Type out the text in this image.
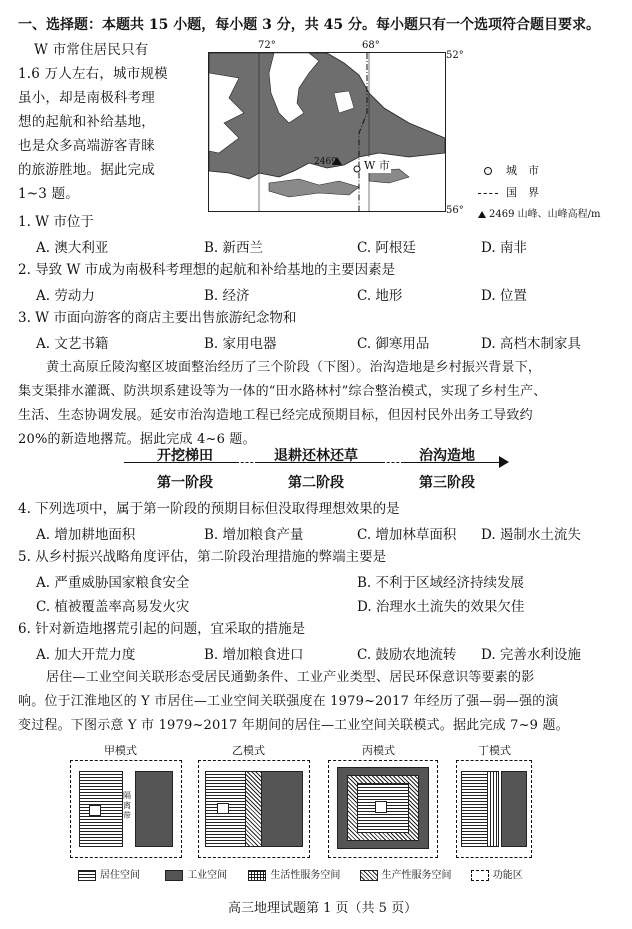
一、选择题：本题共 15 小题，每小题 3 分，共 45 分。每小题只有一个选项符合题目要求。
W 市常住居民只有
1.6 万人左右，城市规模
虽小，却是南极科考理
想的起航和补给基地，
也是众多高端游客青睐
的旅游胜地。据此完成
1~3 题。
72°	68°
52°
56°
2469 W 市	城　市
国　界
2469 山峰、山峰高程/m
1. W 市位于
A. 澳大利亚	B. 新西兰	C. 阿根廷	D. 南非
2. 导致 W 市成为南极科考理想的起航和补给基地的主要因素是
A. 劳动力	B. 经济	C. 地形	D. 位置
3. W 市面向游客的商店主要出售旅游纪念物和
A. 文艺书籍	B. 家用电器	C. 御寒用品	D. 高档木制家具
黄土高原丘陵沟壑区坡面整治经历了三个阶段（下图）。治沟造地是乡村振兴背景下，
集支渠排水灌溉、防洪坝系建设等为一体的“田水路林村”综合整治模式，实现了乡村生产、
生活、生态协调发展。延安市治沟造地工程已经完成预期目标，但因村民外出务工导致约
20%的新造地撂荒。据此完成 4~6 题。
开挖梯田
第一阶段
退耕还林还草
第二阶段
治沟造地
第三阶段
4. 下列选项中，属于第一阶段的预期目标但没取得理想效果的是
A. 增加耕地面积	B. 增加粮食产量	C. 增加林草面积 D. 遏制水土流失
5. 从乡村振兴战略角度评估，第二阶段治理措施的弊端主要是
A. 严重威胁国家粮食安全	B. 不利于区域经济持续发展
C. 植被覆盖率高易发火灾	D. 治理水土流失的效果欠佳
6. 针对新造地撂荒引起的问题，宜采取的措施是
A. 加大开荒力度	B. 增加粮食进口	C. 鼓励农地流转 D. 完善水利设施
居住—工业空间关联形态受居民通勤条件、工业产业类型、居民环保意识等要素的影
响。位于江淮地区的 Y 市居住—工业空间关联强度在 1979~2017 年经历了强—弱—强的演
变过程。下图示意 Y 市 1979~2017 年期间的居住—工业空间关联模式。据此完成 7~9 题。
甲模式	乙模式	丙模式	丁模式
隔离带
居住空间	工业空间	生活性服务空间	生产性服务空间	功能区
高三地理试题第 1 页（共 5 页）
